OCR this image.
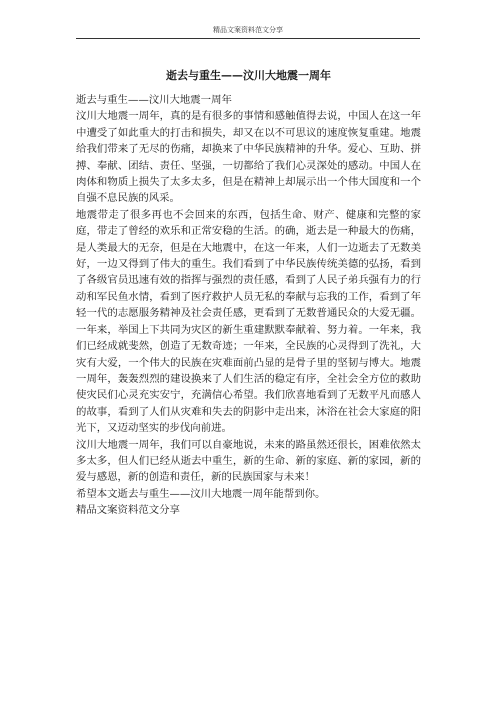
精品文案资料范文分享
逝去与重生——汶川大地震一周年

逝去与重生——汶川大地震一周年

汶川大地震一周年，真的是有很多的事情和感触值得去说，中国人在这一年中遭受了如此重大的打击和损失，却又在以不可思议的速度恢复重建。地震给我们带来了无尽的伤痛，却换来了中华民族精神的升华。爱心、互助、拼搏、奉献、团结、责任、坚强，一切都给了我们心灵深处的感动。中国人在肉体和物质上损失了太多太多，但是在精神上却展示出一个伟大国度和一个自强不息民族的风采。

地震带走了很多再也不会回来的东西，包括生命、财产、健康和完整的家庭，带走了曾经的欢乐和正常安稳的生活。的确，逝去是一种最大的伤痛，是人类最大的无奈，但是在大地震中，在这一年来，人们一边逝去了无数美好，一边又得到了伟大的重生。我们看到了中华民族传统美德的弘扬，看到了各级官员迅速有效的指挥与强烈的责任感，看到了人民子弟兵强有力的行动和军民鱼水情，看到了医疗救护人员无私的奉献与忘我的工作，看到了年轻一代的志愿服务精神及社会责任感，更看到了无数普通民众的大爱无疆。一年来，举国上下共同为灾区的新生重建默默奉献着、努力着。一年来，我们已经成就斐然，创造了无数奇迹；一年来，全民族的心灵得到了洗礼，大灾有大爱，一个伟大的民族在灾难面前凸显的是骨子里的坚韧与博大。地震一周年，轰轰烈烈的建设换来了人们生活的稳定有序，全社会全方位的救助使灾民们心灵充实安宁，充满信心希望。我们欣喜地看到了无数平凡而感人的故事，看到了人们从灾难和失去的阴影中走出来，沐浴在社会大家庭的阳光下，又迈动坚实的步伐向前进。

汶川大地震一周年，我们可以自豪地说，未来的路虽然还很长，困难依然太多太多，但人们已经从逝去中重生，新的生命、新的家庭、新的家园，新的爱与感恩，新的创造和责任，新的民族国家与未来！

希望本文逝去与重生——汶川大地震一周年能帮到你。

精品文案资料范文分享
